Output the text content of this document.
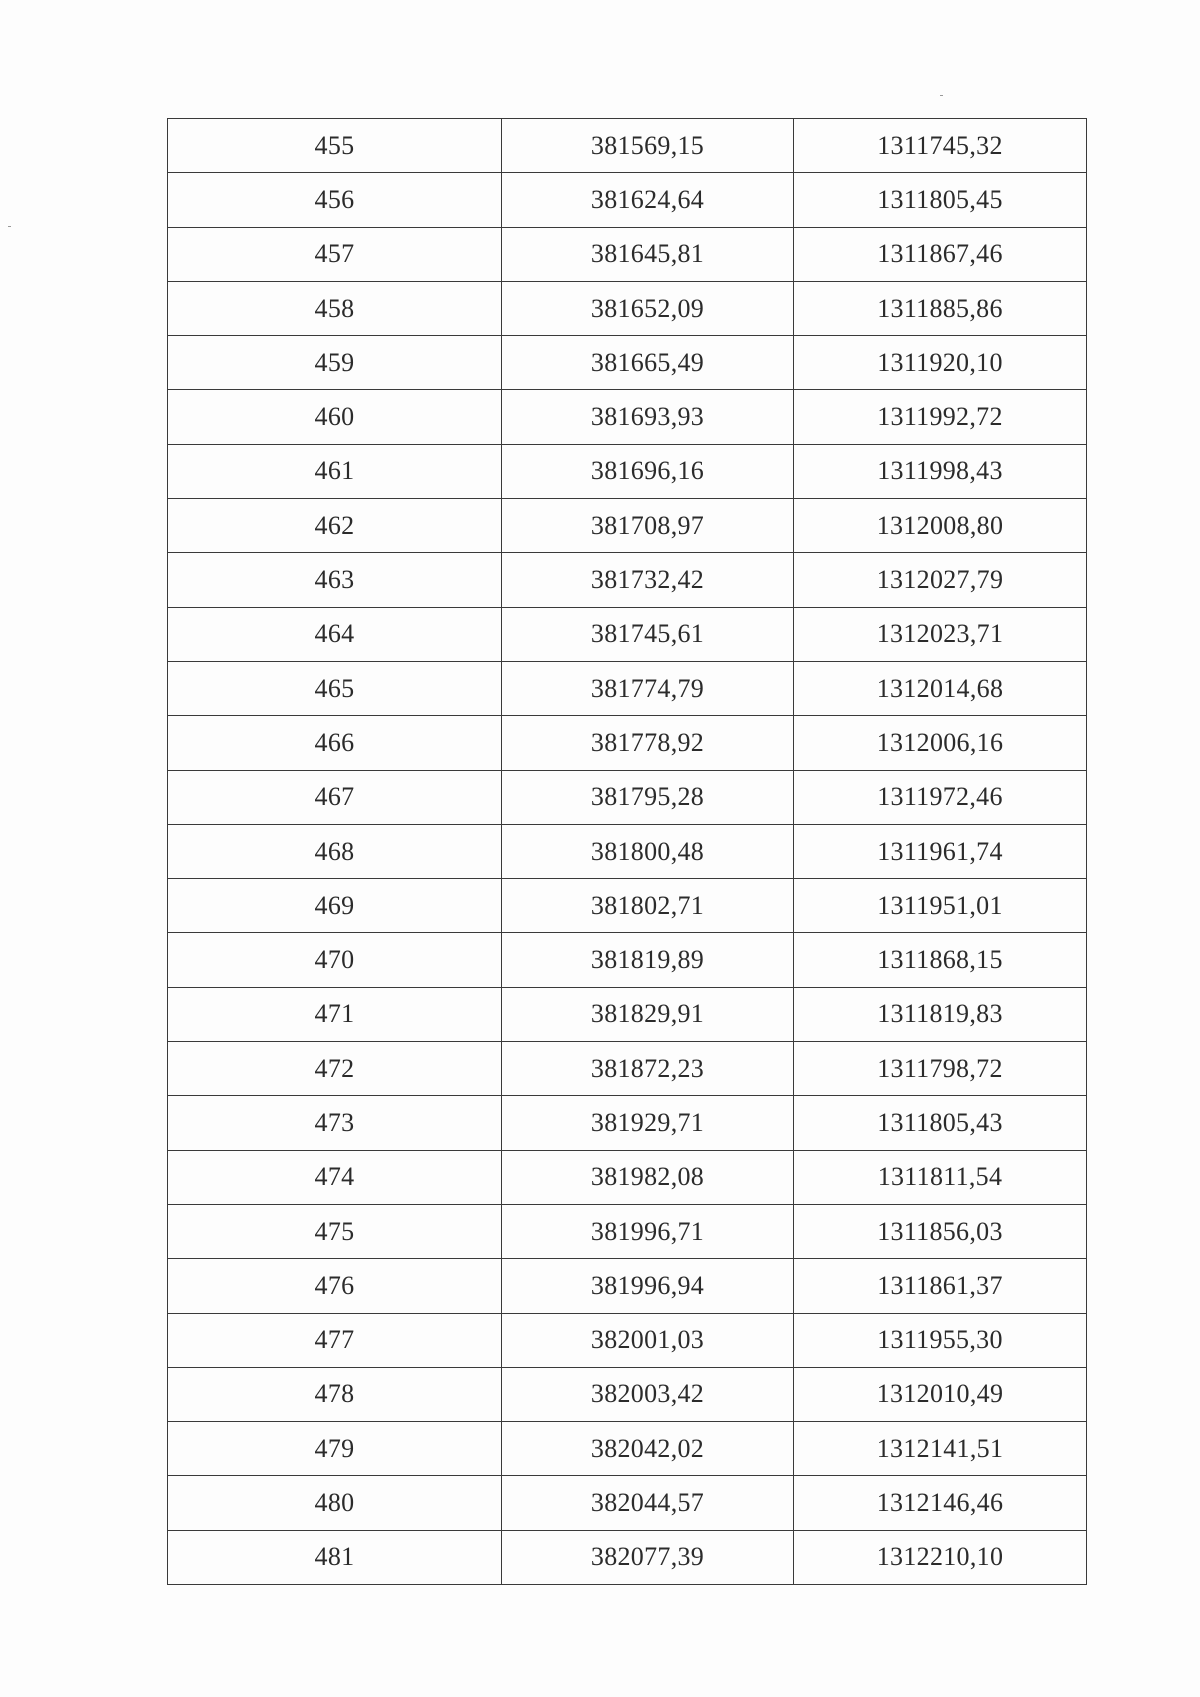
455	381569,15	1311745,32
456	381624,64	1311805,45
457	381645,81	1311867,46
458	381652,09	1311885,86
459	381665,49	1311920,10
460	381693,93	1311992,72
461	381696,16	1311998,43
462	381708,97	1312008,80
463	381732,42	1312027,79
464	381745,61	1312023,71
465	381774,79	1312014,68
466	381778,92	1312006,16
467	381795,28	1311972,46
468	381800,48	1311961,74
469	381802,71	1311951,01
470	381819,89	1311868,15
471	381829,91	1311819,83
472	381872,23	1311798,72
473	381929,71	1311805,43
474	381982,08	1311811,54
475	381996,71	1311856,03
476	381996,94	1311861,37
477	382001,03	1311955,30
478	382003,42	1312010,49
479	382042,02	1312141,51
480	382044,57	1312146,46
481	382077,39	1312210,10
